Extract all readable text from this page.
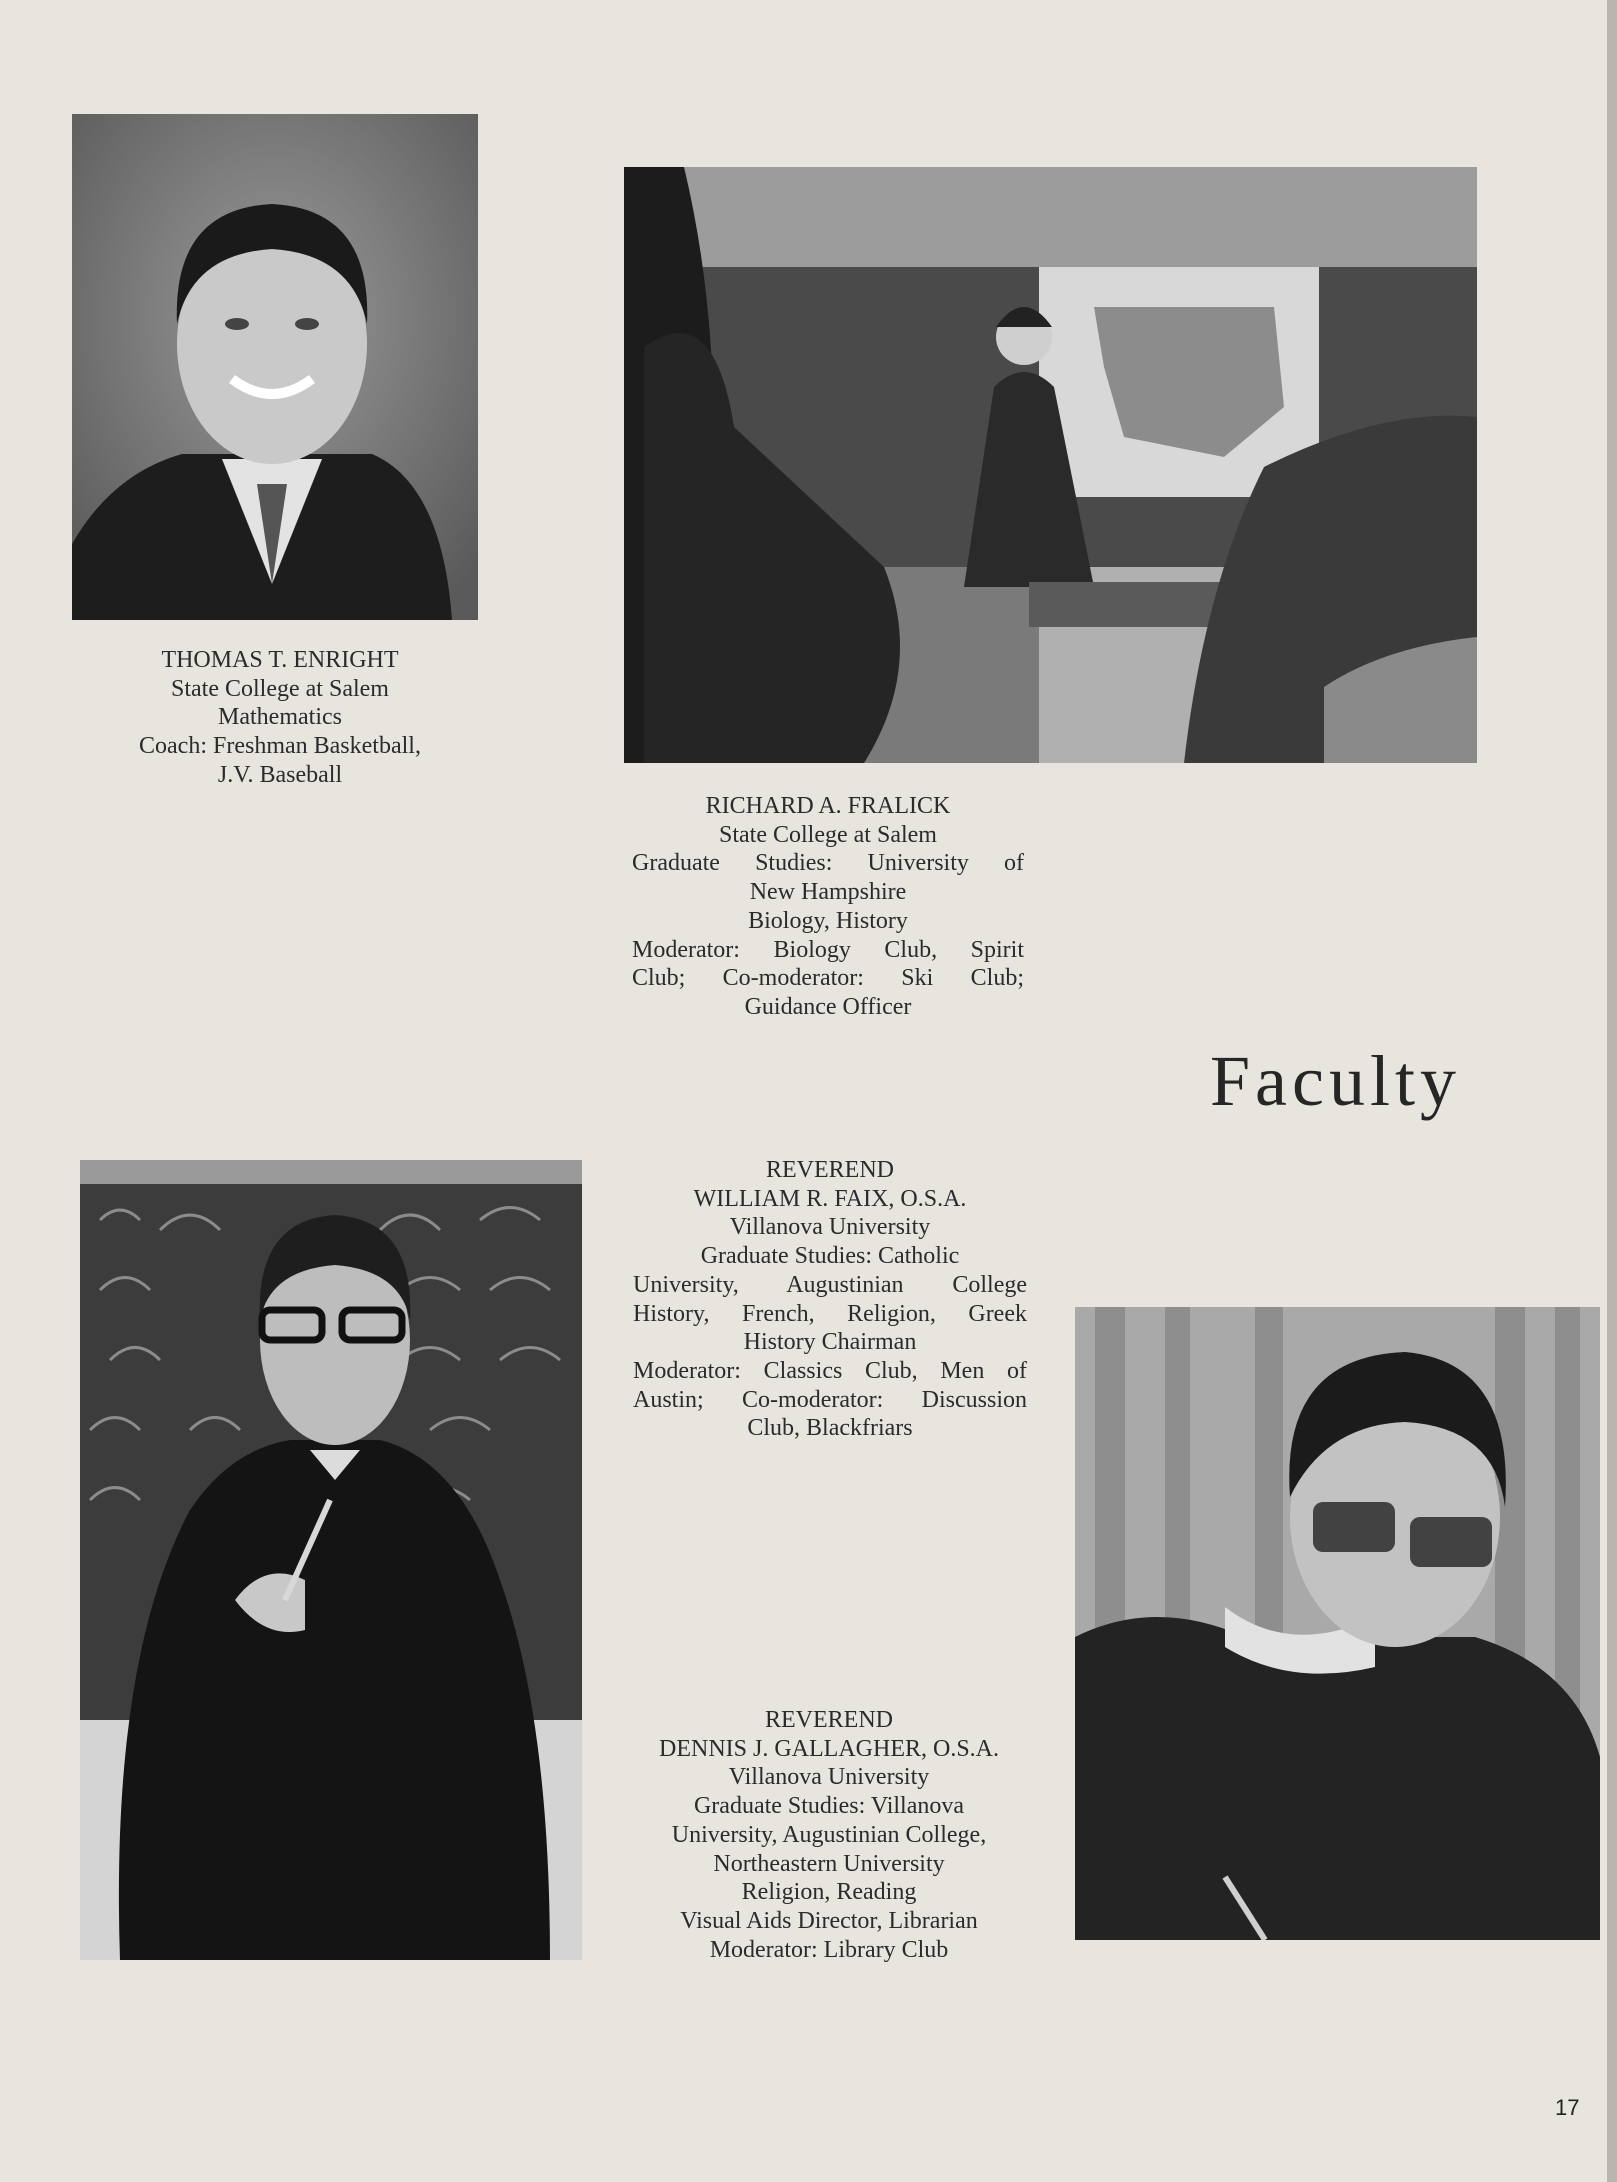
THOMAS T. ENRIGHT
State College at Salem
Mathematics
Coach: Freshman Basketball,
J.V. Baseball
RICHARD A. FRALICK
State College at Salem
Graduate Studies: University of
New Hampshire
Biology, History
Moderator: Biology Club, Spirit
Club; Co-moderator: Ski Club;
Guidance Officer
Faculty
REVEREND
WILLIAM R. FAIX, O.S.A.
Villanova University
Graduate Studies: Catholic
University, Augustinian College
History, French, Religion, Greek
History Chairman
Moderator: Classics Club, Men of
Austin; Co-moderator: Discussion
Club, Blackfriars
REVEREND
DENNIS J. GALLAGHER, O.S.A.
Villanova University
Graduate Studies: Villanova
University, Augustinian College,
Northeastern University
Religion, Reading
Visual Aids Director, Librarian
Moderator: Library Club
17
